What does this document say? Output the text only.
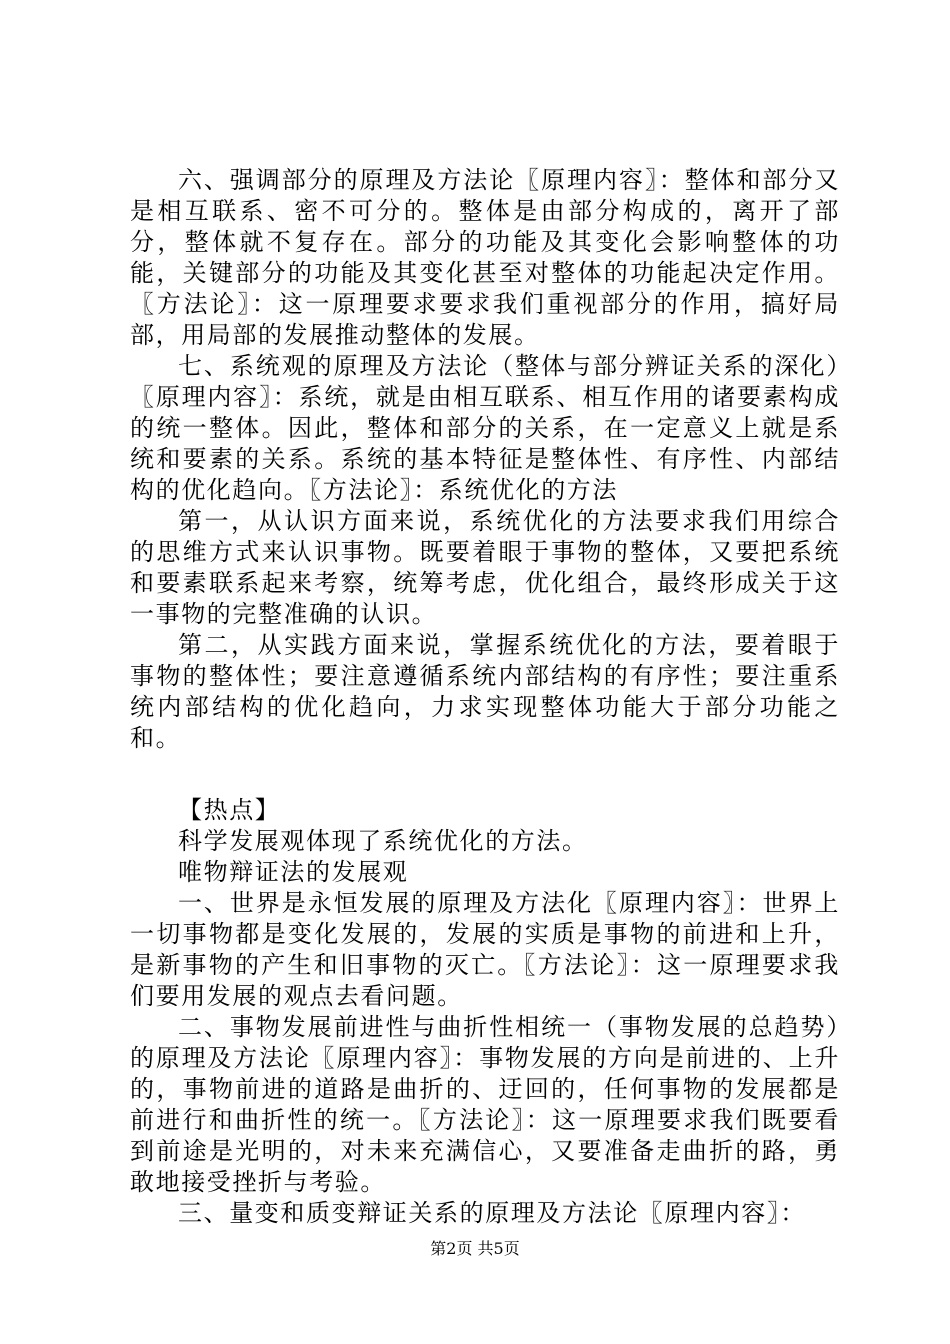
六、强调部分的原理及方法论〖原理内容〗：整体和部分又是相互联系、密不可分的。整体是由部分构成的，离开了部分，整体就不复存在。部分的功能及其变化会影响整体的功能，关键部分的功能及其变化甚至对整体的功能起决定作用。〖方法论〗：这一原理要求要求我们重视部分的作用，搞好局部，用局部的发展推动整体的发展。

七、系统观的原理及方法论（整体与部分辨证关系的深化）〖原理内容〗：系统，就是由相互联系、相互作用的诸要素构成的统一整体。因此，整体和部分的关系，在一定意义上就是系统和要素的关系。系统的基本特征是整体性、有序性、内部结构的优化趋向。〖方法论〗：系统优化的方法

第一，从认识方面来说，系统优化的方法要求我们用综合的思维方式来认识事物。既要着眼于事物的整体，又要把系统和要素联系起来考察，统筹考虑，优化组合，最终形成关于这一事物的完整准确的认识。

第二，从实践方面来说，掌握系统优化的方法，要着眼于事物的整体性；要注意遵循系统内部结构的有序性；要注重系统内部结构的优化趋向，力求实现整体功能大于部分功能之和。

【热点】

科学发展观体现了系统优化的方法。

唯物辩证法的发展观

一、世界是永恒发展的原理及方法化〖原理内容〗：世界上一切事物都是变化发展的，发展的实质是事物的前进和上升，是新事物的产生和旧事物的灭亡。〖方法论〗：这一原理要求我们要用发展的观点去看问题。

二、事物发展前进性与曲折性相统一（事物发展的总趋势）的原理及方法论〖原理内容〗：事物发展的方向是前进的、上升的，事物前进的道路是曲折的、迂回的，任何事物的发展都是前进行和曲折性的统一。〖方法论〗：这一原理要求我们既要看到前途是光明的，对未来充满信心，又要准备走曲折的路，勇敢地接受挫折与考验。

三、量变和质变辩证关系的原理及方法论〖原理内容〗：

第2页 共5页
